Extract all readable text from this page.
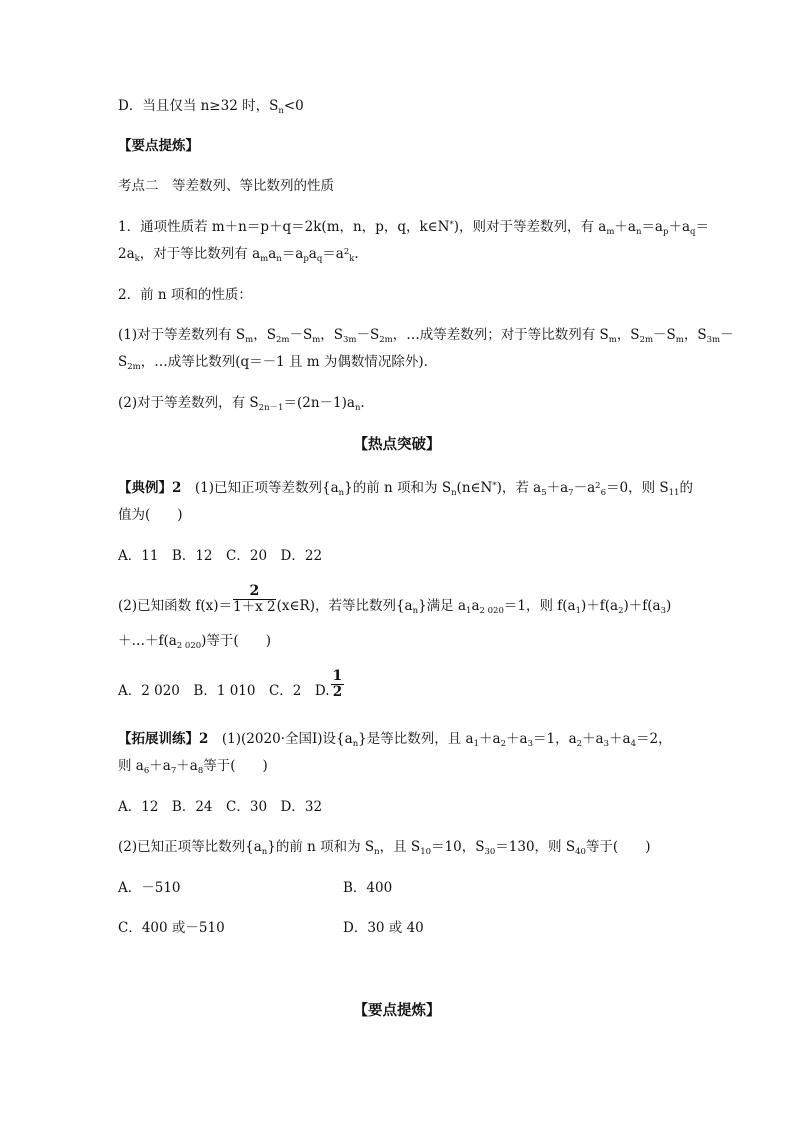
D．当且仅当 n≥32 时，$S_n<0$
【要点提炼】
考点二　等差数列、等比数列的性质
1．通项性质若 m＋n＝p＋q＝2k(m，n，p，q，k∈N*)，则对于等差数列，有 $a_m+a_n=a_p+a_q=$
$2a_k$，对于等比数列有 $a_ma_n=a_pa_q=a^2_k$.
2．前 n 项和的性质：
(1)对于等差数列有 $S_m$，$S_{2m}-S_m$，$S_{3m}-S_{2m}$，…成等差数列；对于等比数列有 $S_m$，$S_{2m}-S_m$，$S_{3m}-$
$S_{2m}$，…成等比数列(q＝－1 且 m 为偶数情况除外)．
(2)对于等差数列，有 $S_{2n-1}=(2n-1)a_n$.
【热点突破】
【典例】2　(1)已知正项等差数列$\{a_n\}$的前 n 项和为 $S_n(n\in N^*)$，若 $a_5+a_7-a^2_6=0$，则 $S_{11}$的
值为(　　)
A．11　B．12　C．20　D．22
(2)已知函数 $f(x)= \frac{2}{1+x 2}$ (x∈R)，若等比数列$\{a_n\}$满足 $a_1a_{2 020}=1$，则 $f(a_1)+f(a_2)+f(a_3)$
$+\dots+f(a_{2 020})$等于(　　)
A．2 020　B．1 010　C．2　D. $\frac{1}{2}$
【拓展训练】2　(1)(2020·全国Ⅰ)设$\{a_n\}$是等比数列，且 $a_1+a_2+a_3=1$，$a_2+a_3+a_4=2$，
则 $a_6+a_7+a_8$等于(　　)
A．12　B．24　C．30　D．32
(2)已知正项等比数列$\{a_n\}$的前 n 项和为 $S_n$，且 $S_{10}=10$，$S_{30}=130$，则 $S_{40}$等于(　　)
A．－510	B．400
C．400 或－510	D．30 或 40
【要点提炼】
